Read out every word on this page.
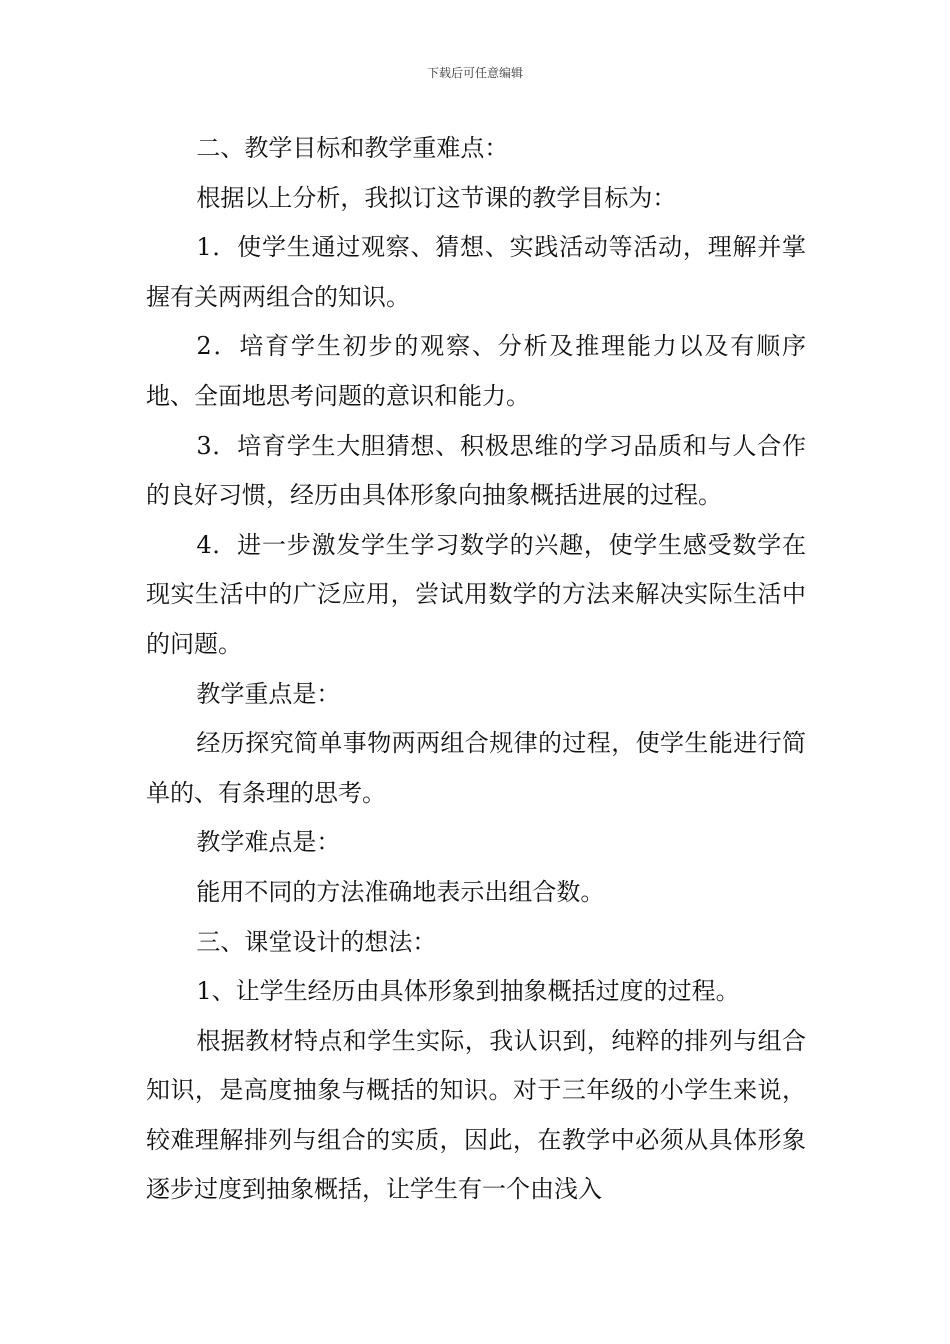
下载后可任意编辑

二、教学目标和教学重难点：

根据以上分析，我拟订这节课的教学目标为：

1．使学生通过观察、猜想、实践活动等活动，理解并掌握有关两两组合的知识。

2．培育学生初步的观察、分析及推理能力以及有顺序地、全面地思考问题的意识和能力。

3．培育学生大胆猜想、积极思维的学习品质和与人合作的良好习惯，经历由具体形象向抽象概括进展的过程。

4．进一步激发学生学习数学的兴趣，使学生感受数学在现实生活中的广泛应用，尝试用数学的方法来解决实际生活中的问题。

教学重点是：

经历探究简单事物两两组合规律的过程，使学生能进行简单的、有条理的思考。

教学难点是：

能用不同的方法准确地表示出组合数。

三、课堂设计的想法：

1、让学生经历由具体形象到抽象概括过度的过程。

根据教材特点和学生实际，我认识到，纯粹的排列与组合知识，是高度抽象与概括的知识。对于三年级的小学生来说，较难理解排列与组合的实质，因此，在教学中必须从具体形象逐步过度到抽象概括，让学生有一个由浅入
